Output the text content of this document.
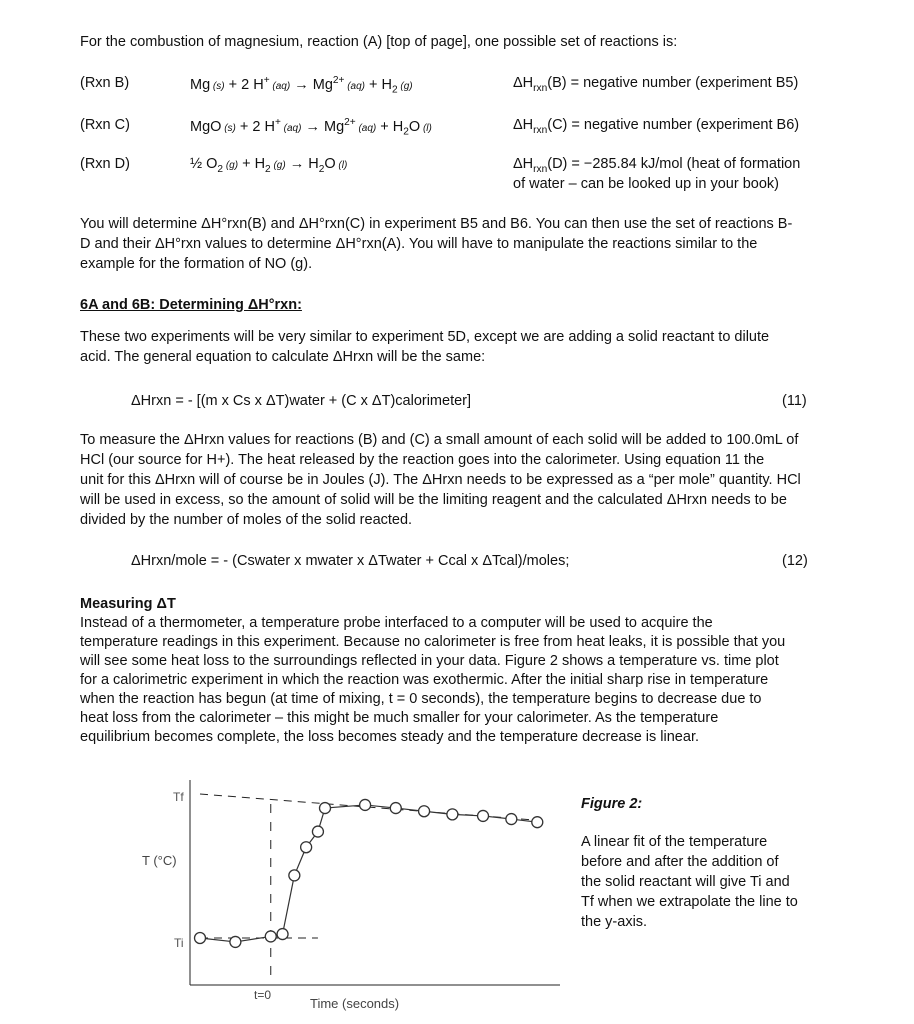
For the combustion of magnesium, reaction (A) [top of page], one possible set of reactions is:
(Rxn B)	Mg (s) + 2 H+ $(aq) \to Mg^{2+}$ $(aq) + H_2$ (g)	$\Delta H_{rxn}(B)$ = negative number (experiment B5)
(Rxn C)	MgO (s) + 2 H+ $(aq) \to Mg^{2+}$ $(aq) + H_2O$ (l)	$\Delta H_{rxn}(C)$ = negative number (experiment B6)
(Rxn D)	½ $O_2$ $(g) + H_2$ $(g) \to H_2O$ (l)	$\Delta H_{rxn}(D) = -285.84$ kJ/mol (heat of formation
of water – can be looked up in your book)
You will determine ΔH°rxn(B) and ΔH°rxn(C) in experiment B5 and B6. You can then use the set of reactions B-
D and their ΔH°rxn values to determine ΔH°rxn(A). You will have to manipulate the reactions similar to the
example for the formation of NO (g).
6A and 6B: Determining ΔH°rxn:
These two experiments will be very similar to experiment 5D, except we are adding a solid reactant to dilute
acid. The general equation to calculate ΔHrxn will be the same:
ΔHrxn = - [(m x Cs x ΔT)water + (C x ΔT)calorimeter]	(11)
To measure the ΔHrxn values for reactions (B) and (C) a small amount of each solid will be added to 100.0mL of
HCl (our source for H+). The heat released by the reaction goes into the calorimeter. Using equation 11 the
unit for this ΔHrxn will of course be in Joules (J). The ΔHrxn needs to be expressed as a “per mole” quantity. HCl
will be used in excess, so the amount of solid will be the limiting reagent and the calculated ΔHrxn needs to be
divided by the number of moles of the solid reacted.
ΔHrxn/mole = - (Cswater x mwater x ΔTwater + Ccal x ΔTcal)/moles;	(12)
Measuring ΔT
Instead of a thermometer, a temperature probe interfaced to a computer will be used to acquire the
temperature readings in this experiment. Because no calorimeter is free from heat leaks, it is possible that you
will see some heat loss to the surroundings reflected in your data. Figure 2 shows a temperature vs. time plot
for a calorimetric experiment in which the reaction was exothermic. After the initial sharp rise in temperature
when the reaction has begun (at time of mixing, t = 0 seconds), the temperature begins to decrease due to
heat loss from the calorimeter – this might be much smaller for your calorimeter. As the temperature
equilibrium becomes complete, the loss becomes steady and the temperature decrease is linear.
Tf
Ti
T (°C)
t=0
Time (seconds)
Figure 2:
A linear fit of the temperature
before and after the addition of
the solid reactant will give Ti and
Tf when we extrapolate the line to
the y-axis.
